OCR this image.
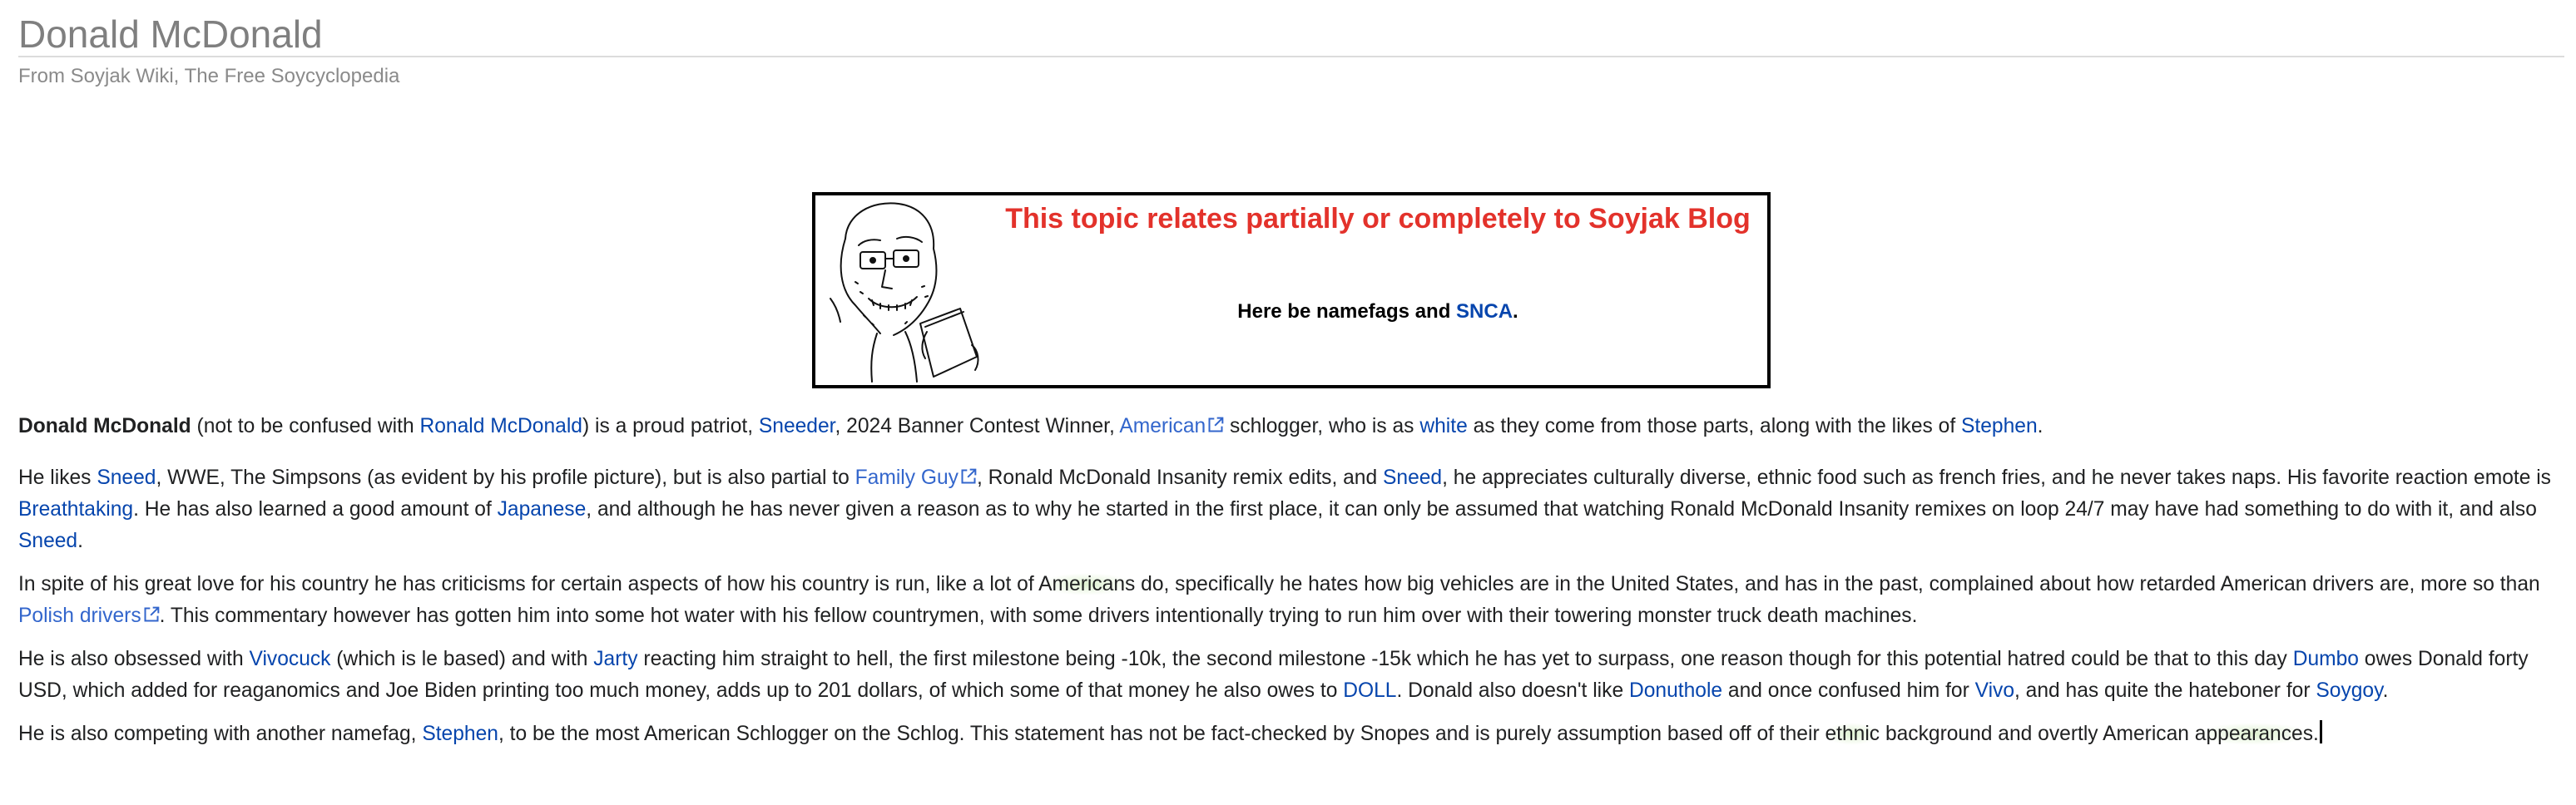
Donald McDonald
From Soyjak Wiki, The Free Soycyclopedia
This topic relates partially or completely to Soyjak Blog
Here be namefags and SNCA.

Donald McDonald (not to be confused with Ronald McDonald) is a proud patriot, Sneeder, 2024 Banner Contest Winner, American schlogger, who is as white as they come from those parts, along with the likes of Stephen.

He likes Sneed, WWE, The Simpsons (as evident by his profile picture), but is also partial to Family Guy , Ronald McDonald Insanity remix edits, and Sneed, he appreciates culturally diverse, ethnic food such as french fries, and he never takes naps. His favorite reaction emote is Breathtaking. He has also learned a good amount of Japanese, and although he has never given a reason as to why he started in the first place, it can only be assumed that watching Ronald McDonald Insanity remixes on loop 24/7 may have had something to do with it, and also Sneed.

In spite of his great love for his country he has criticisms for certain aspects of how his country is run, like a lot of Americans do, specifically he hates how big vehicles are in the United States, and has in the past, complained about how retarded American drivers are, more so than Polish drivers . This commentary however has gotten him into some hot water with his fellow countrymen, with some drivers intentionally trying to run him over with their towering monster truck death machines.

He is also obsessed with Vivocuck (which is le based) and with Jarty reacting him straight to hell, the first milestone being -10k, the second milestone -15k which he has yet to surpass, one reason though for this potential hatred could be that to this day Dumbo owes Donald forty USD, which added for reaganomics and Joe Biden printing too much money, adds up to 201 dollars, of which some of that money he also owes to DOLL. Donald also doesn't like Donuthole and once confused him for Vivo, and has quite the hateboner for Soygoy.

He is also competing with another namefag, Stephen, to be the most American Schlogger on the Schlog. This statement has not be fact-checked by Snopes and is purely assumption based off of their ethnic background and overtly American appearances.
